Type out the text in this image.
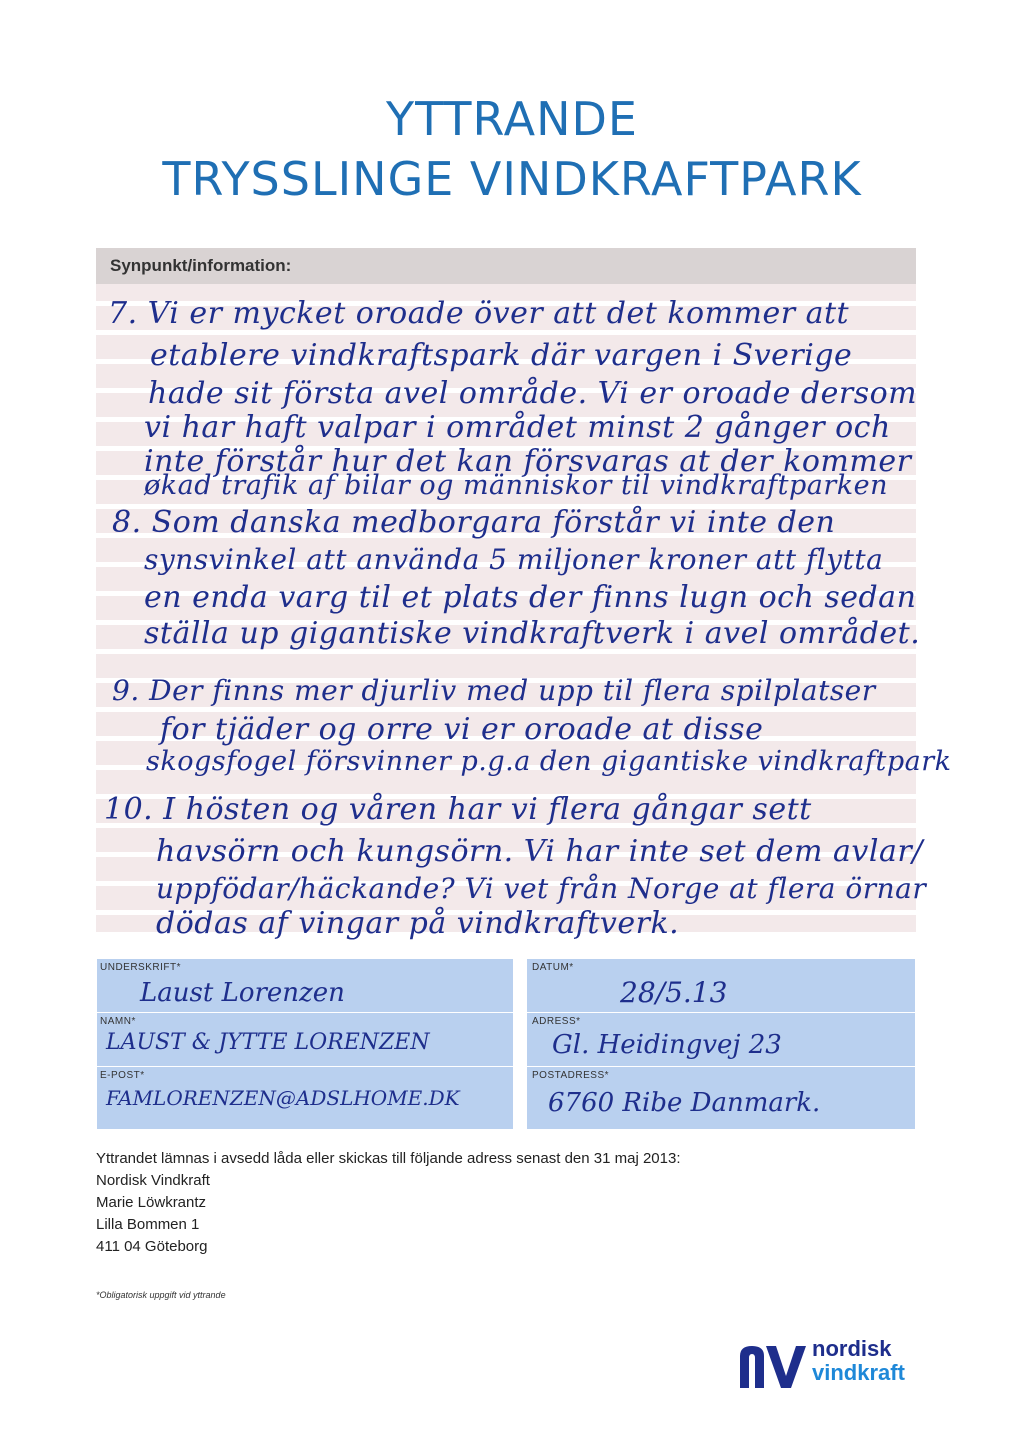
YTTRANDE
TRYSSLINGE VINDKRAFTPARK
Synpunkt/information:
7. Vi er mycket oroade över att det kommer att
etablere vindkraftspark där vargen i Sverige
hade sit första avel område. Vi er oroade dersom
vi har haft valpar i området minst 2 gånger och
inte förstår hur det kan försvaras at der kommer
økad trafik af bilar og människor til vindkraftparken
8. Som danska medborgara förstår vi inte den
synsvinkel att använda 5 miljoner kroner att flytta
en enda varg til et plats der finns lugn och sedan
ställa up gigantiske vindkraftverk i avel området.
9. Der finns mer djurliv med upp til flera spilplatser
for tjäder og orre vi er oroade at disse
skogsfogel försvinner p.g.a den gigantiske vindkraftpark
10. I hösten og våren har vi flera gångar sett
havsörn och kungsörn. Vi har inte set dem avlar/
uppfödar/häckande? Vi vet från Norge at flera örnar
dödas af vingar på vindkraftverk.
UNDERSKRIFT*
Laust Lorenzen
DATUM*
28/5.13
NAMN*
LAUST & JYTTE LORENZEN
ADRESS*
Gl. Heidingvej 23
E-POST*
FAMLORENZEN@ADSLHOME.DK
POSTADRESS*
6760 Ribe Danmark.
Yttrandet lämnas i avsedd låda eller skickas till följande adress senast den 31 maj 2013:
Nordisk Vindkraft
Marie Löwkrantz
Lilla Bommen 1
411 04 Göteborg
*Obligatorisk uppgift vid yttrande
nordisk
vindkraft
